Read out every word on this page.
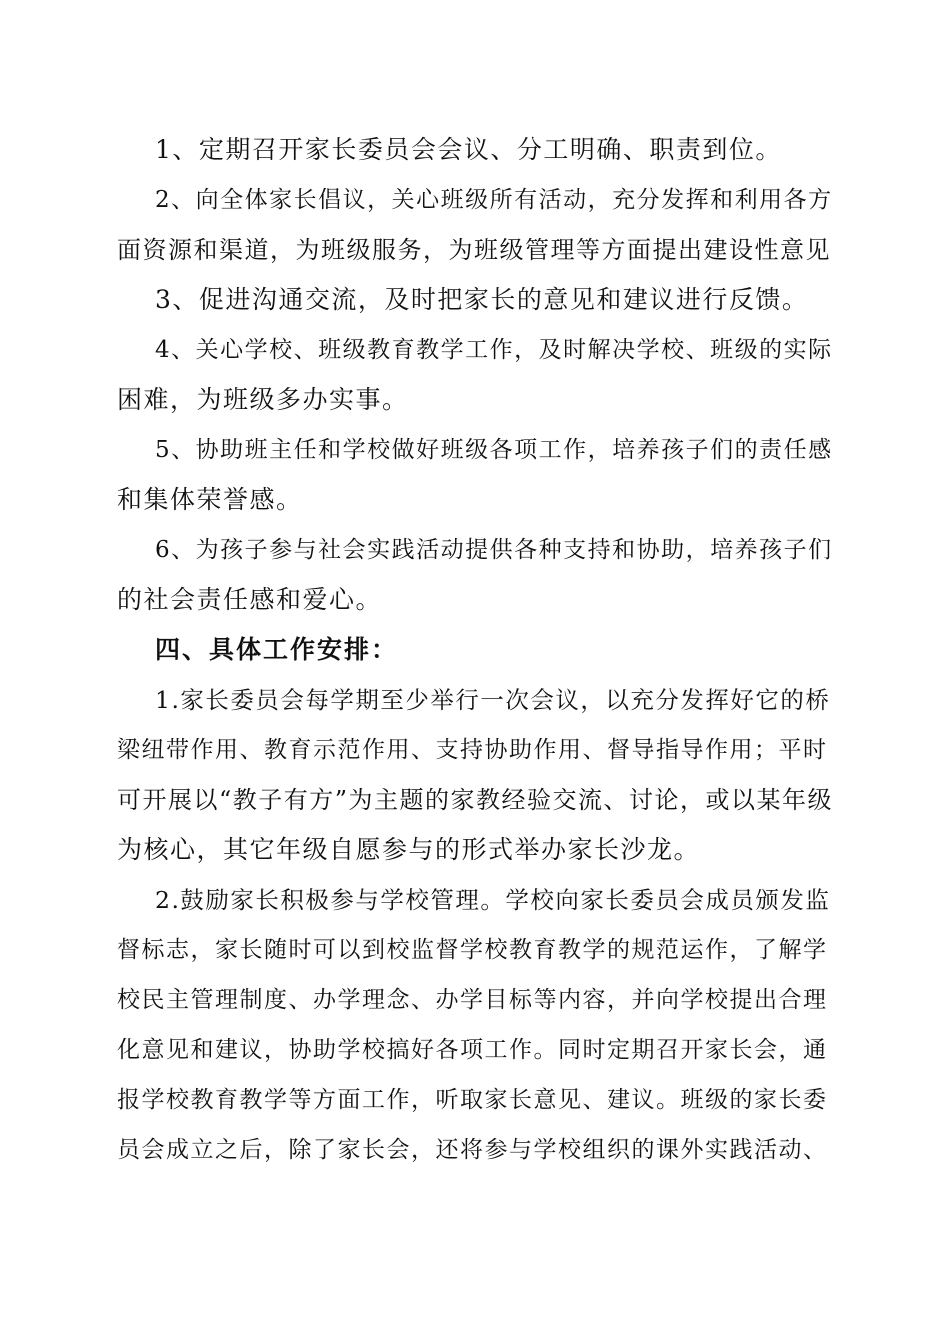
1、定期召开家长委员会会议、分工明确、职责到位。
2、向全体家长倡议，关心班级所有活动，充分发挥和利用各方
面资源和渠道，为班级服务，为班级管理等方面提出建设性意见
3、促进沟通交流，及时把家长的意见和建议进行反馈。
4、关心学校、班级教育教学工作，及时解决学校、班级的实际
困难，为班级多办实事。
5、协助班主任和学校做好班级各项工作，培养孩子们的责任感
和集体荣誉感。
6、为孩子参与社会实践活动提供各种支持和协助，培养孩子们
的社会责任感和爱心。
四、具体工作安排：
1.家长委员会每学期至少举行一次会议，以充分发挥好它的桥
梁纽带作用、教育示范作用、支持协助作用、督导指导作用；平时
可开展以“教子有方”为主题的家教经验交流、讨论，或以某年级
为核心，其它年级自愿参与的形式举办家长沙龙。
2.鼓励家长积极参与学校管理。学校向家长委员会成员颁发监
督标志，家长随时可以到校监督学校教育教学的规范运作，了解学
校民主管理制度、办学理念、办学目标等内容，并向学校提出合理
化意见和建议，协助学校搞好各项工作。同时定期召开家长会，通
报学校教育教学等方面工作，听取家长意见、建议。班级的家长委
员会成立之后，除了家长会，还将参与学校组织的课外实践活动、
